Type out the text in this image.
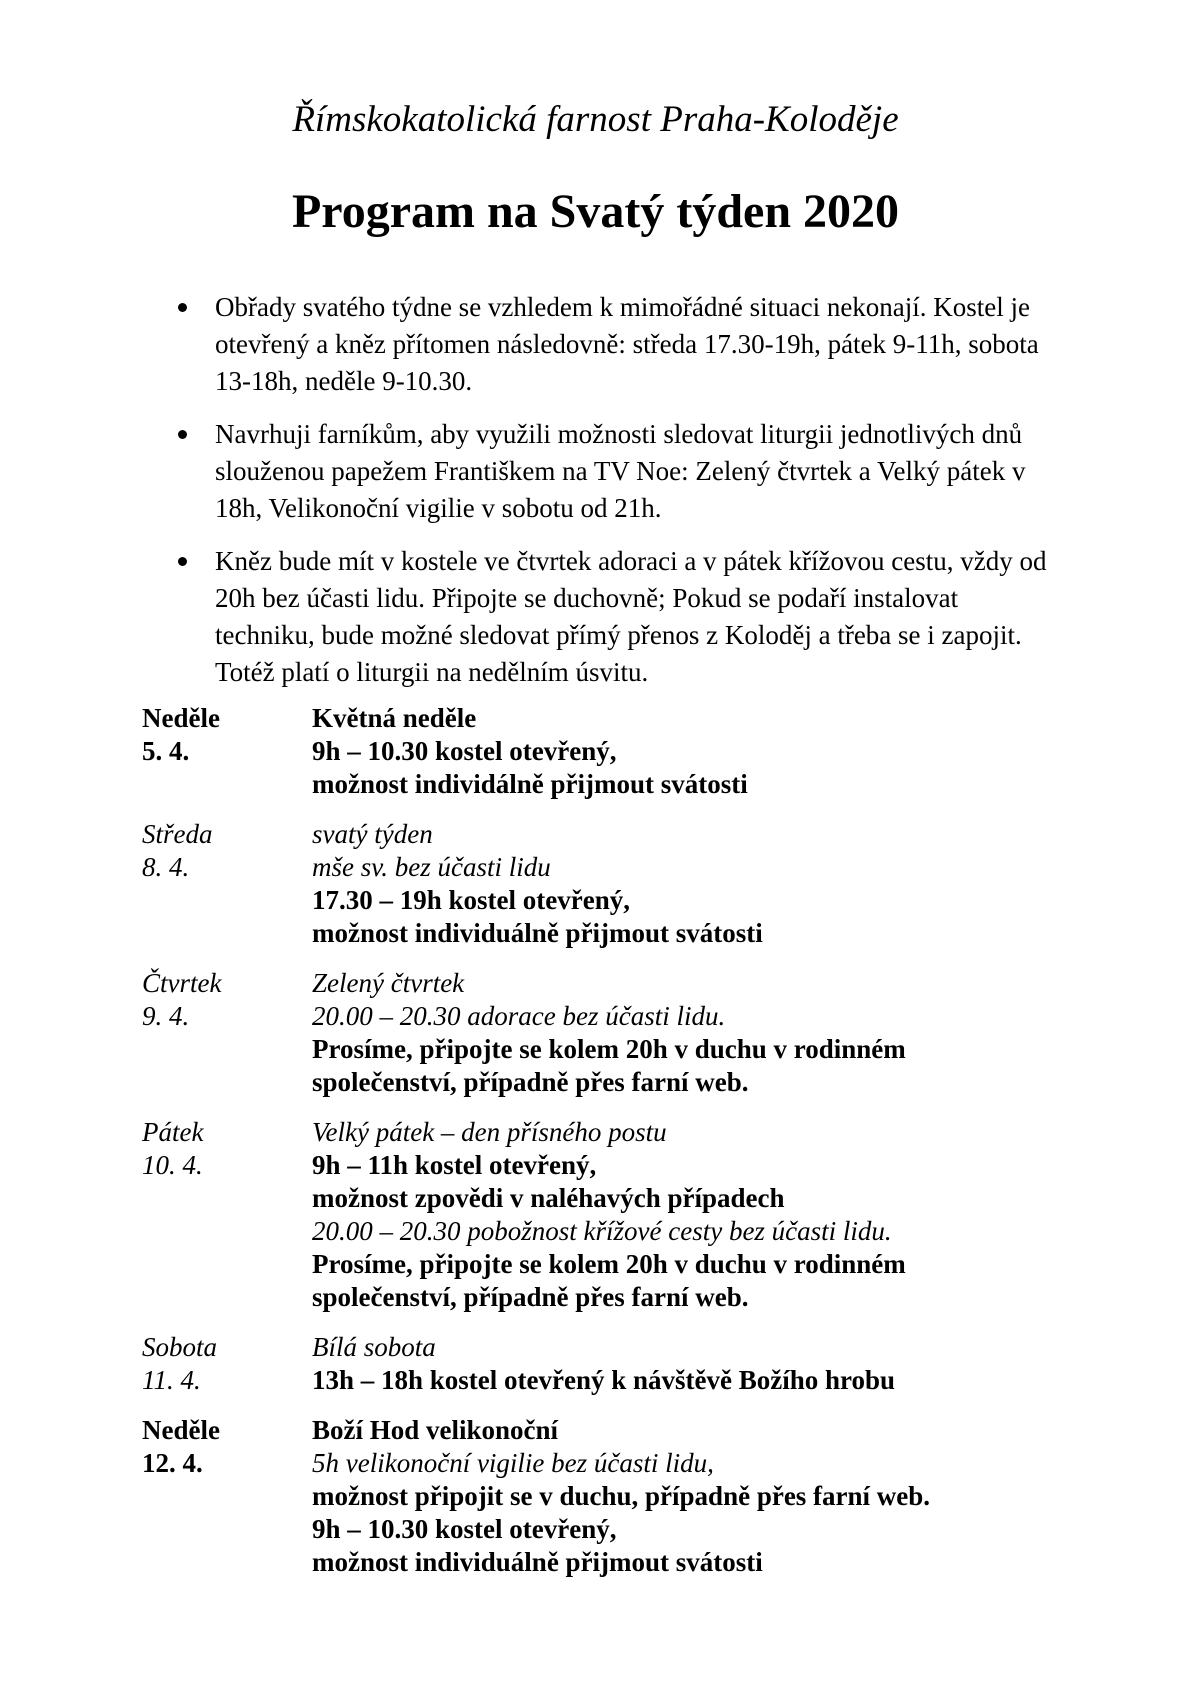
Římskokatolická farnost Praha-Koloděje
Program na Svatý týden 2020
Obřady svatého týdne se vzhledem k mimořádné situaci nekonají. Kostel je otevřený a kněz přítomen následovně: středa 17.30-19h, pátek 9-11h, sobota 13-18h, neděle 9-10.30.
Navrhuji farníkům, aby využili možnosti sledovat liturgii jednotlivých dnů slouženou papežem Františkem na TV Noe: Zelený čtvrtek a Velký pátek v 18h, Velikonoční vigilie v sobotu od 21h.
Kněz bude mít v kostele ve čtvrtek adoraci a v pátek křížovou cestu, vždy od 20h bez účasti lidu. Připojte se duchovně; Pokud se podaří instalovat techniku, bude možné sledovat přímý přenos z Koloděj a třeba se i zapojit. Totéž platí o liturgii na nedělním úsvitu.
Neděle
5. 4.
Květná neděle
9h – 10.30 kostel otevřený,
možnost individálně přijmout svátosti
Středa
8. 4.
svatý týden
mše sv. bez účasti lidu
17.30 – 19h kostel otevřený,
možnost individuálně přijmout svátosti
Čtvrtek
9. 4.
Zelený čtvrtek
20.00 – 20.30 adorace bez účasti lidu.
Prosíme, připojte se kolem 20h v duchu v rodinném
společenství, případně přes farní web.
Pátek
10. 4.
Velký pátek – den přísného postu
9h – 11h kostel otevřený,
možnost zpovědi v naléhavých případech
20.00 – 20.30 pobožnost křížové cesty bez účasti lidu.
Prosíme, připojte se kolem 20h v duchu v rodinném
společenství, případně přes farní web.
Sobota
11. 4.
Bílá sobota
13h – 18h kostel otevřený k návštěvě Božího hrobu
Neděle
12. 4.
Boží Hod velikonoční
5h velikonoční vigilie bez účasti lidu,
možnost připojit se v duchu, případně přes farní web.
9h – 10.30 kostel otevřený,
možnost individuálně přijmout svátosti
